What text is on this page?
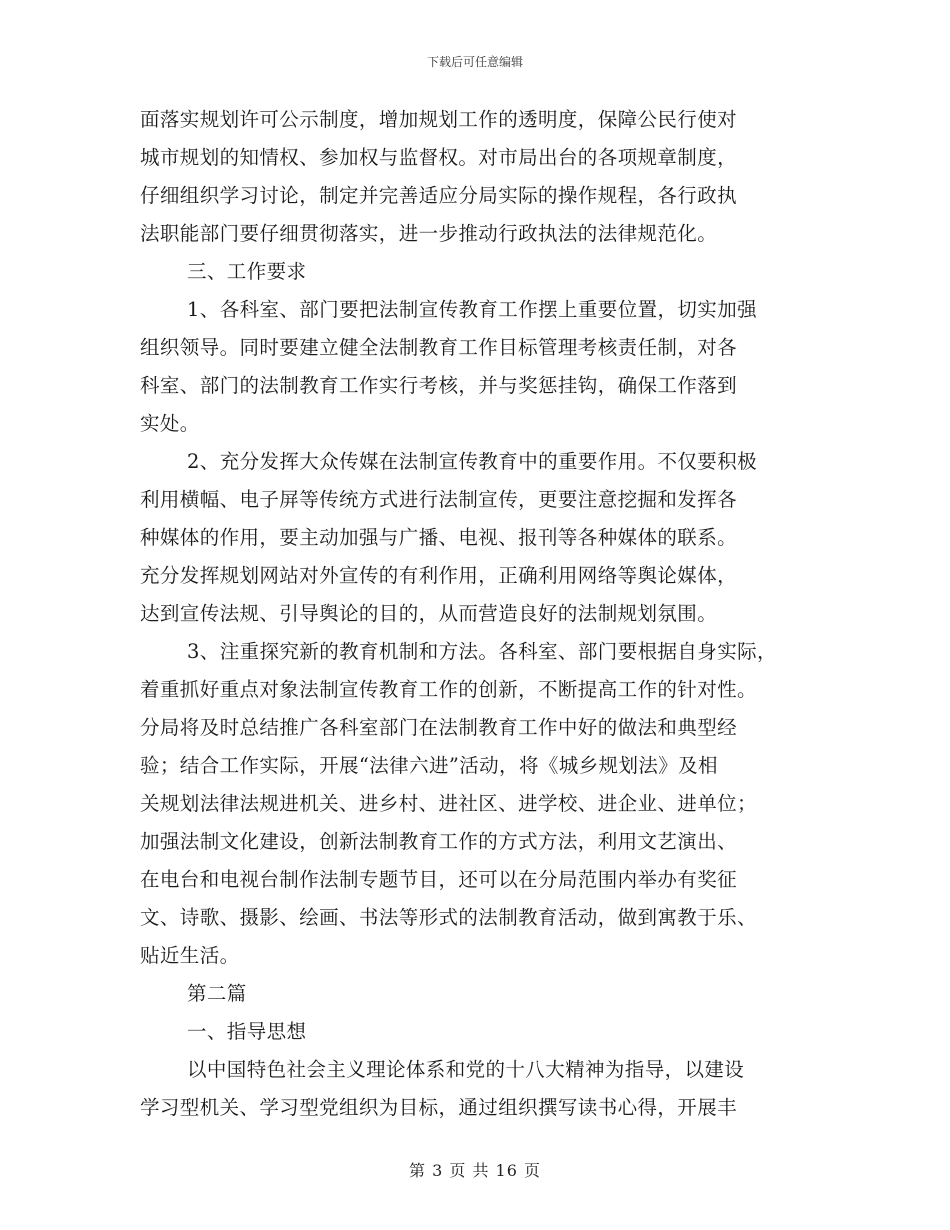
下载后可任意编辑
面落实规划许可公示制度，增加规划工作的透明度，保障公民行使对
城市规划的知情权、参加权与监督权。对市局出台的各项规章制度，
仔细组织学习讨论，制定并完善适应分局实际的操作规程，各行政执
法职能部门要仔细贯彻落实，进一步推动行政执法的法律规范化。
三、工作要求
1、各科室、部门要把法制宣传教育工作摆上重要位置，切实加强
组织领导。同时要建立健全法制教育工作目标管理考核责任制，对各
科室、部门的法制教育工作实行考核，并与奖惩挂钩，确保工作落到
实处。
2、充分发挥大众传媒在法制宣传教育中的重要作用。不仅要积极
利用横幅、电子屏等传统方式进行法制宣传，更要注意挖掘和发挥各
种媒体的作用，要主动加强与广播、电视、报刊等各种媒体的联系。
充分发挥规划网站对外宣传的有利作用，正确利用网络等舆论媒体，
达到宣传法规、引导舆论的目的，从而营造良好的法制规划氛围。
3、注重探究新的教育机制和方法。各科室、部门要根据自身实际，
着重抓好重点对象法制宣传教育工作的创新，不断提高工作的针对性。
分局将及时总结推广各科室部门在法制教育工作中好的做法和典型经
验；结合工作实际，开展“法律六进”活动，将《城乡规划法》及相
关规划法律法规进机关、进乡村、进社区、进学校、进企业、进单位；
加强法制文化建设，创新法制教育工作的方式方法，利用文艺演出、
在电台和电视台制作法制专题节目，还可以在分局范围内举办有奖征
文、诗歌、摄影、绘画、书法等形式的法制教育活动，做到寓教于乐、
贴近生活。
第二篇
一、指导思想
以中国特色社会主义理论体系和党的十八大精神为指导，以建设
学习型机关、学习型党组织为目标，通过组织撰写读书心得，开展丰
第 3 页 共 16 页
